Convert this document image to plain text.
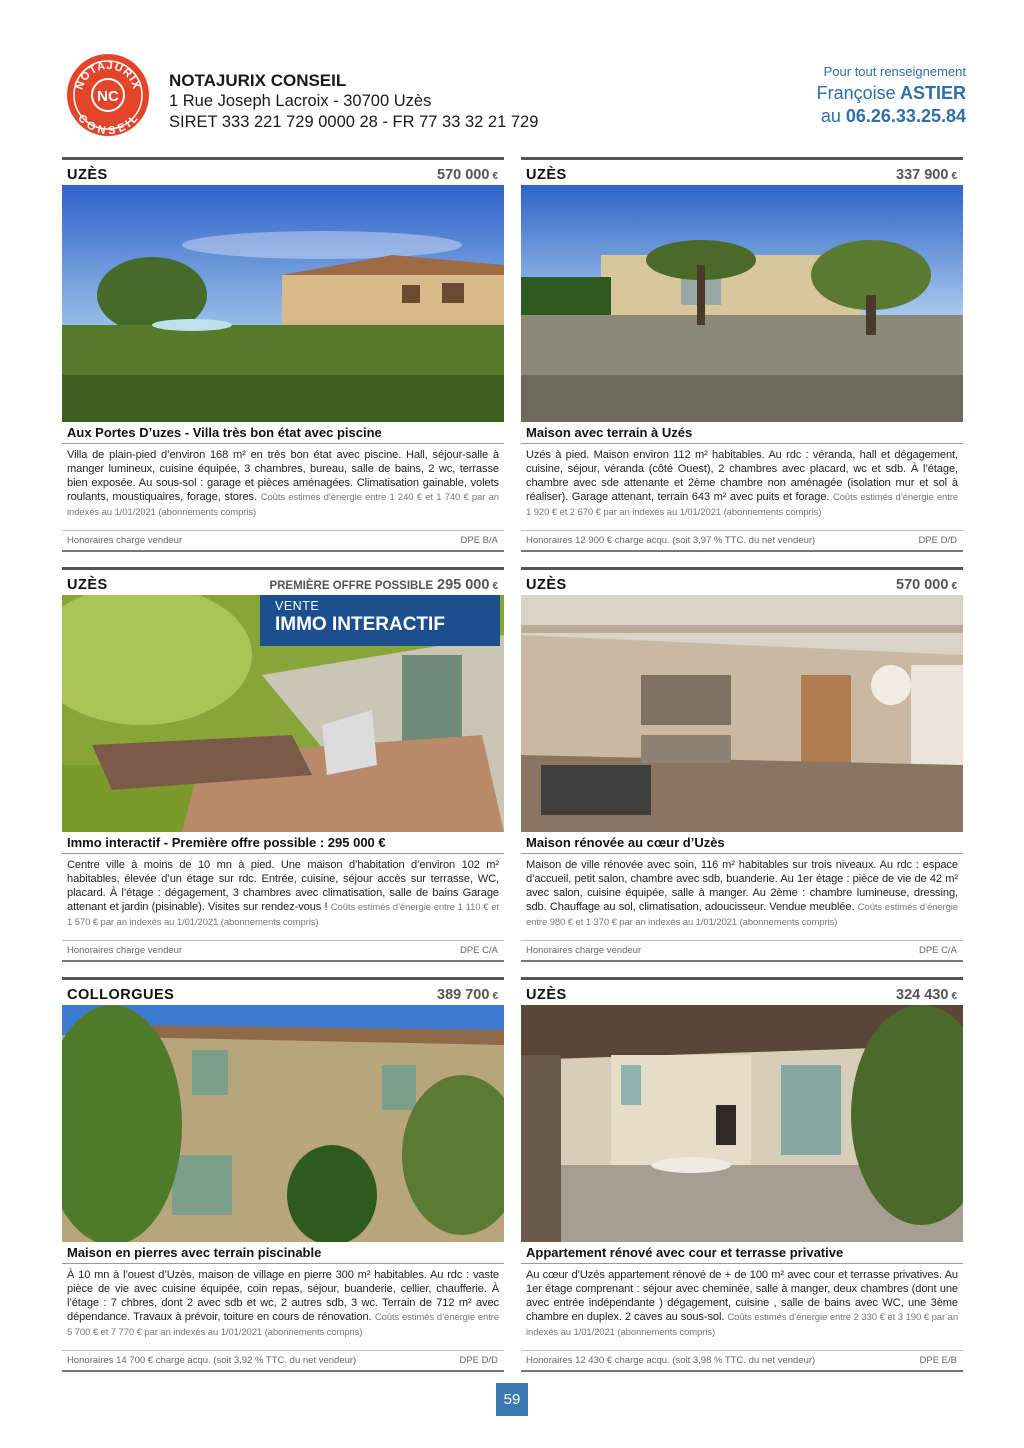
NC
NOTAJURIX
CONSEIL
NOTAJURIX CONSEIL
1 Rue Joseph Lacroix - 30700 Uzès
SIRET 333 221 729 0000 28 - FR 77 33 32 21 729
Pour tout renseignement
Françoise ASTIER
au 06.26.33.25.84
UZÈS	570 000 €
Aux Portes D’uzes - Villa très bon état avec piscine
Villa de plain-pied d’environ 168 m² en très bon état avec piscine. Hall, séjour-salle à manger lumineux, cuisine équipée, 3 chambres, bureau, salle de bains, 2 wc, terrasse bien exposée. Au sous-sol : garage et pièces aménagées. Climatisation gainable, volets roulants, moustiquaires, forage, stores. Coûts estimés d’énergie entre 1 240 € et 1 740 € par an indexés au 1/01/2021 (abonnements compris)
Honoraires charge vendeur	DPE B/A
UZÈS	337 900 €
Maison avec terrain à Uzés
Uzés à pied. Maison environ 112 m² habitables. Au rdc : véranda, hall et dégagement, cuisine, séjour, véranda (côté Ouest), 2 chambres avec placard, wc et sdb. À l’étage, chambre avec sde attenante et 2ème chambre non aménagée (isolation mur et sol à réaliser). Garage attenant, terrain 643 m² avec puits et forage. Coûts estimés d’énergie entre 1 920 € et 2 670 € par an indexés au 1/01/2021 (abonnements compris)
Honoraires 12 900 € charge acqu. (soit 3,97 % TTC. du net vendeur)	DPE D/D
UZÈS	PREMIÈRE OFFRE POSSIBLE 295 000 €
VENTE
IMMO INTERACTIF
Immo interactif - Première offre possible : 295 000 €
Centre ville à moins de 10 mn à pied. Une maison d’habitation d’environ 102 m² habitables, élevée d’un étage sur rdc. Entrée, cuisine, séjour accès sur terrasse, WC, placard. À l’étage : dégagement, 3 chambres avec climatisation, salle de bains Garage attenant et jardin (pisinable). Visites sur rendez-vous ! Coûts estimés d’énergie entre 1 110 € et 1 570 € par an indexés au 1/01/2021 (abonnements compris)
Honoraires charge vendeur	DPE C/A
UZÈS	570 000 €
Maison rénovée au cœur d’Uzès
Maison de ville rénovée avec soin, 116 m² habitables sur trois niveaux. Au rdc : espace d’accueil, petit salon, chambre avec sdb, buanderie. Au 1er étage : pièce de vie de 42 m² avec salon, cuisine équipée, salle à manger. Au 2ème : chambre lumineuse, dressing, sdb. Chauffage au sol, climatisation, adoucisseur. Vendue meublée. Coûts estimés d’énergie entre 980 € et 1 370 € par an indexés au 1/01/2021 (abonnements compris)
Honoraires charge vendeur	DPE C/A
COLLORGUES	389 700 €
Maison en pierres avec terrain piscinable
À 10 mn à l’ouest d’Uzès, maison de village en pierre 300 m² habitables. Au rdc : vaste pièce de vie avec cuisine équipée, coin repas, séjour, buanderie, cellier, chaufferie. À l’étage : 7 chbres, dont 2 avec sdb et wc, 2 autres sdb, 3 wc. Terrain de 712 m² avec dépendance. Travaux à prévoir, toiture en cours de rénovation. Coûts estimés d’énergie entre 5 700 € et 7 770 € par an indexés au 1/01/2021 (abonnements compris)
Honoraires 14 700 € charge acqu. (soit 3,92 % TTC. du net vendeur)	DPE D/D
UZÈS	324 430 €
Appartement rénové avec cour et terrasse privative
Au cœur d’Uzés appartement rénové de + de 100 m² avec cour et terrasse privatives. Au 1er étage comprenant : séjour avec cheminée, salle à manger, deux chambres (dont une avec entrée indépendante ) dégagement, cuisine , salle de bains avec WC, une 3ème chambre en duplex. 2 caves au sous-sol. Coûts estimés d’énergie entre 2 330 € et 3 190 € par an indexés au 1/01/2021 (abonnements compris)
Honoraires 12 430 € charge acqu. (soit 3,98 % TTC. du net vendeur)	DPE E/B
59
